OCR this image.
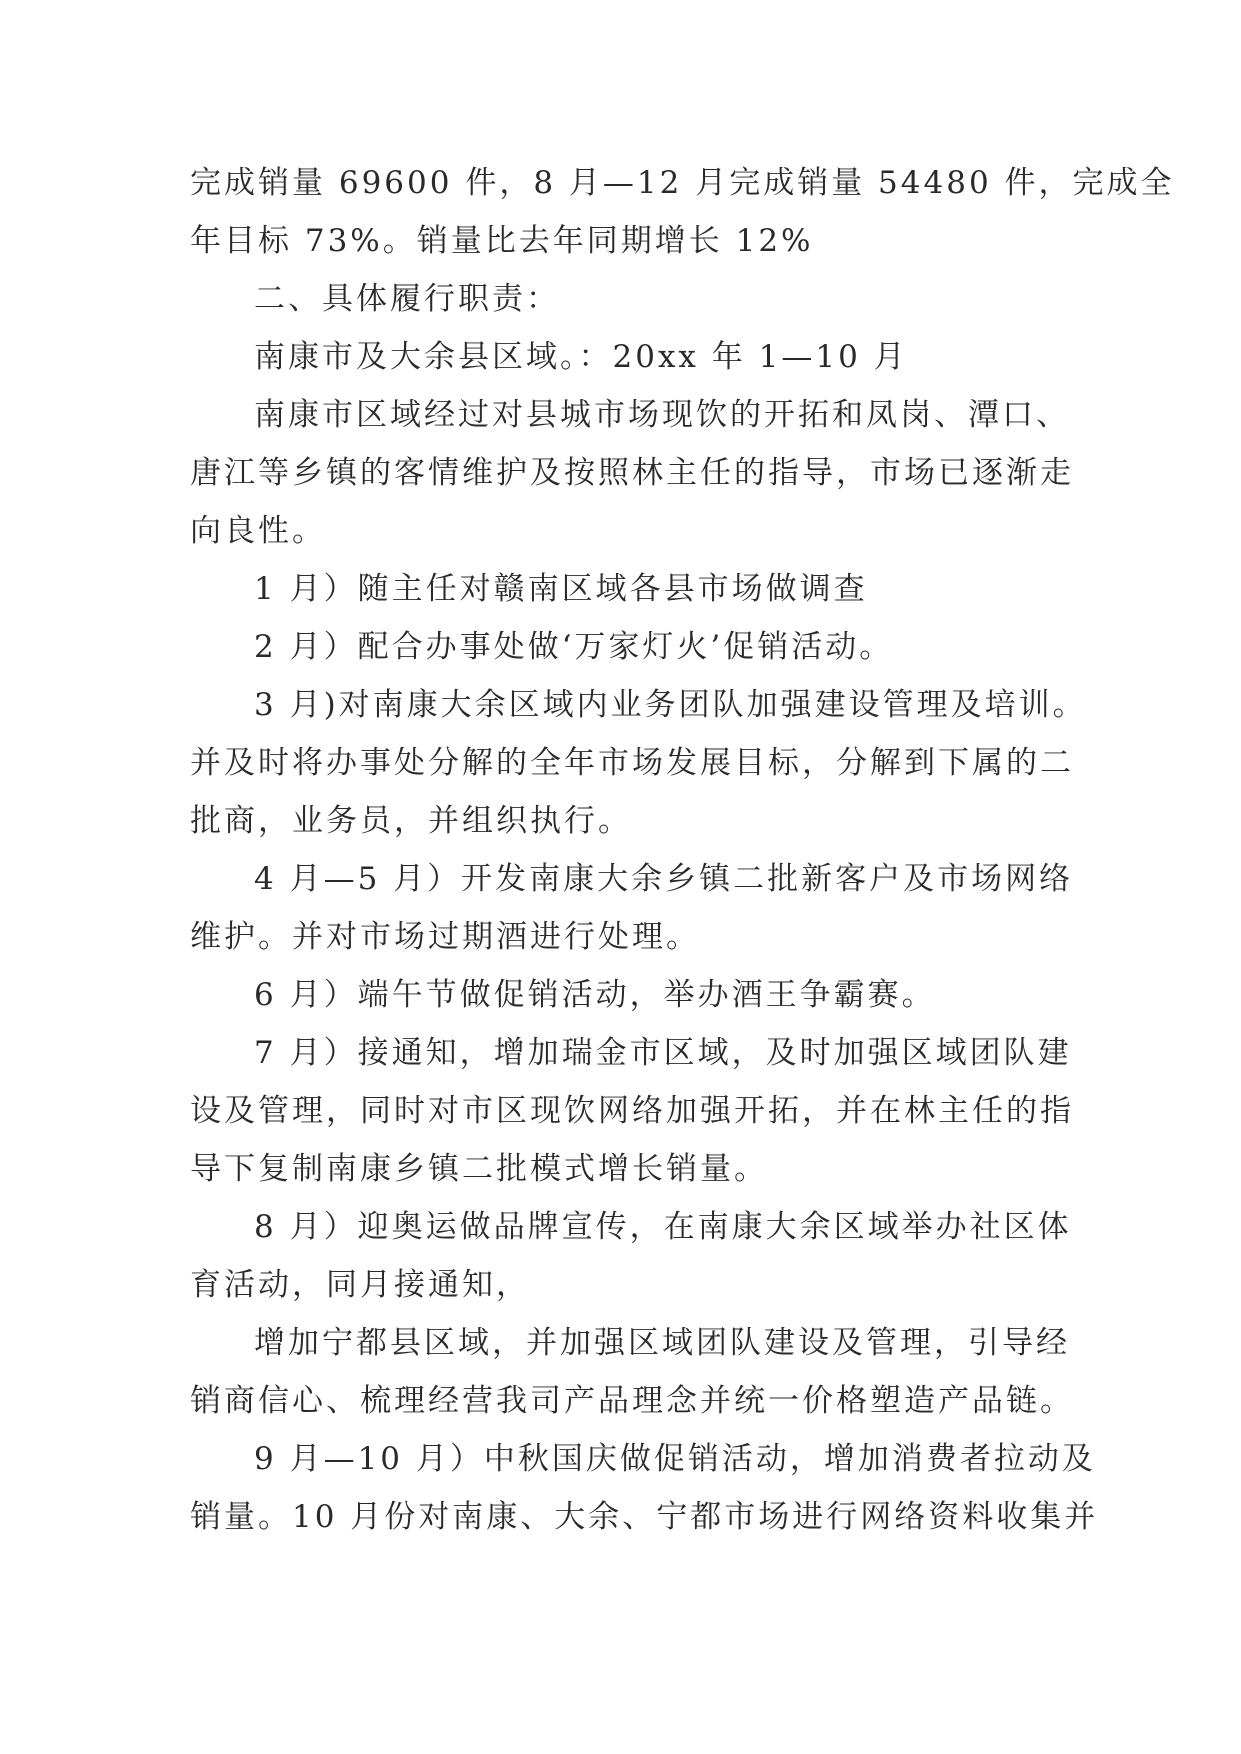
完成销量 69600 件，8 月—12 月完成销量 54480 件，完成全
年目标 73%。销量比去年同期增长 12%
二、具体履行职责：
南康市及大余县区域。：20xx 年 1—10 月
南康市区域经过对县城市场现饮的开拓和凤岗、潭口、
唐江等乡镇的客情维护及按照林主任的指导，市场已逐渐走
向良性。
1 月）随主任对赣南区域各县市场做调查
2 月）配合办事处做‘万家灯火’促销活动。
3 月)对南康大余区域内业务团队加强建设管理及培训。
并及时将办事处分解的全年市场发展目标，分解到下属的二
批商，业务员，并组织执行。
4 月—5 月）开发南康大余乡镇二批新客户及市场网络
维护。并对市场过期酒进行处理。
6 月）端午节做促销活动，举办酒王争霸赛。
7 月）接通知，增加瑞金市区域，及时加强区域团队建
设及管理，同时对市区现饮网络加强开拓，并在林主任的指
导下复制南康乡镇二批模式增长销量。
8 月）迎奥运做品牌宣传，在南康大余区域举办社区体
育活动，同月接通知，
增加宁都县区域，并加强区域团队建设及管理，引导经
销商信心、梳理经营我司产品理念并统一价格塑造产品链。
9 月—10 月）中秋国庆做促销活动，增加消费者拉动及
销量。10 月份对南康、大余、宁都市场进行网络资料收集并
